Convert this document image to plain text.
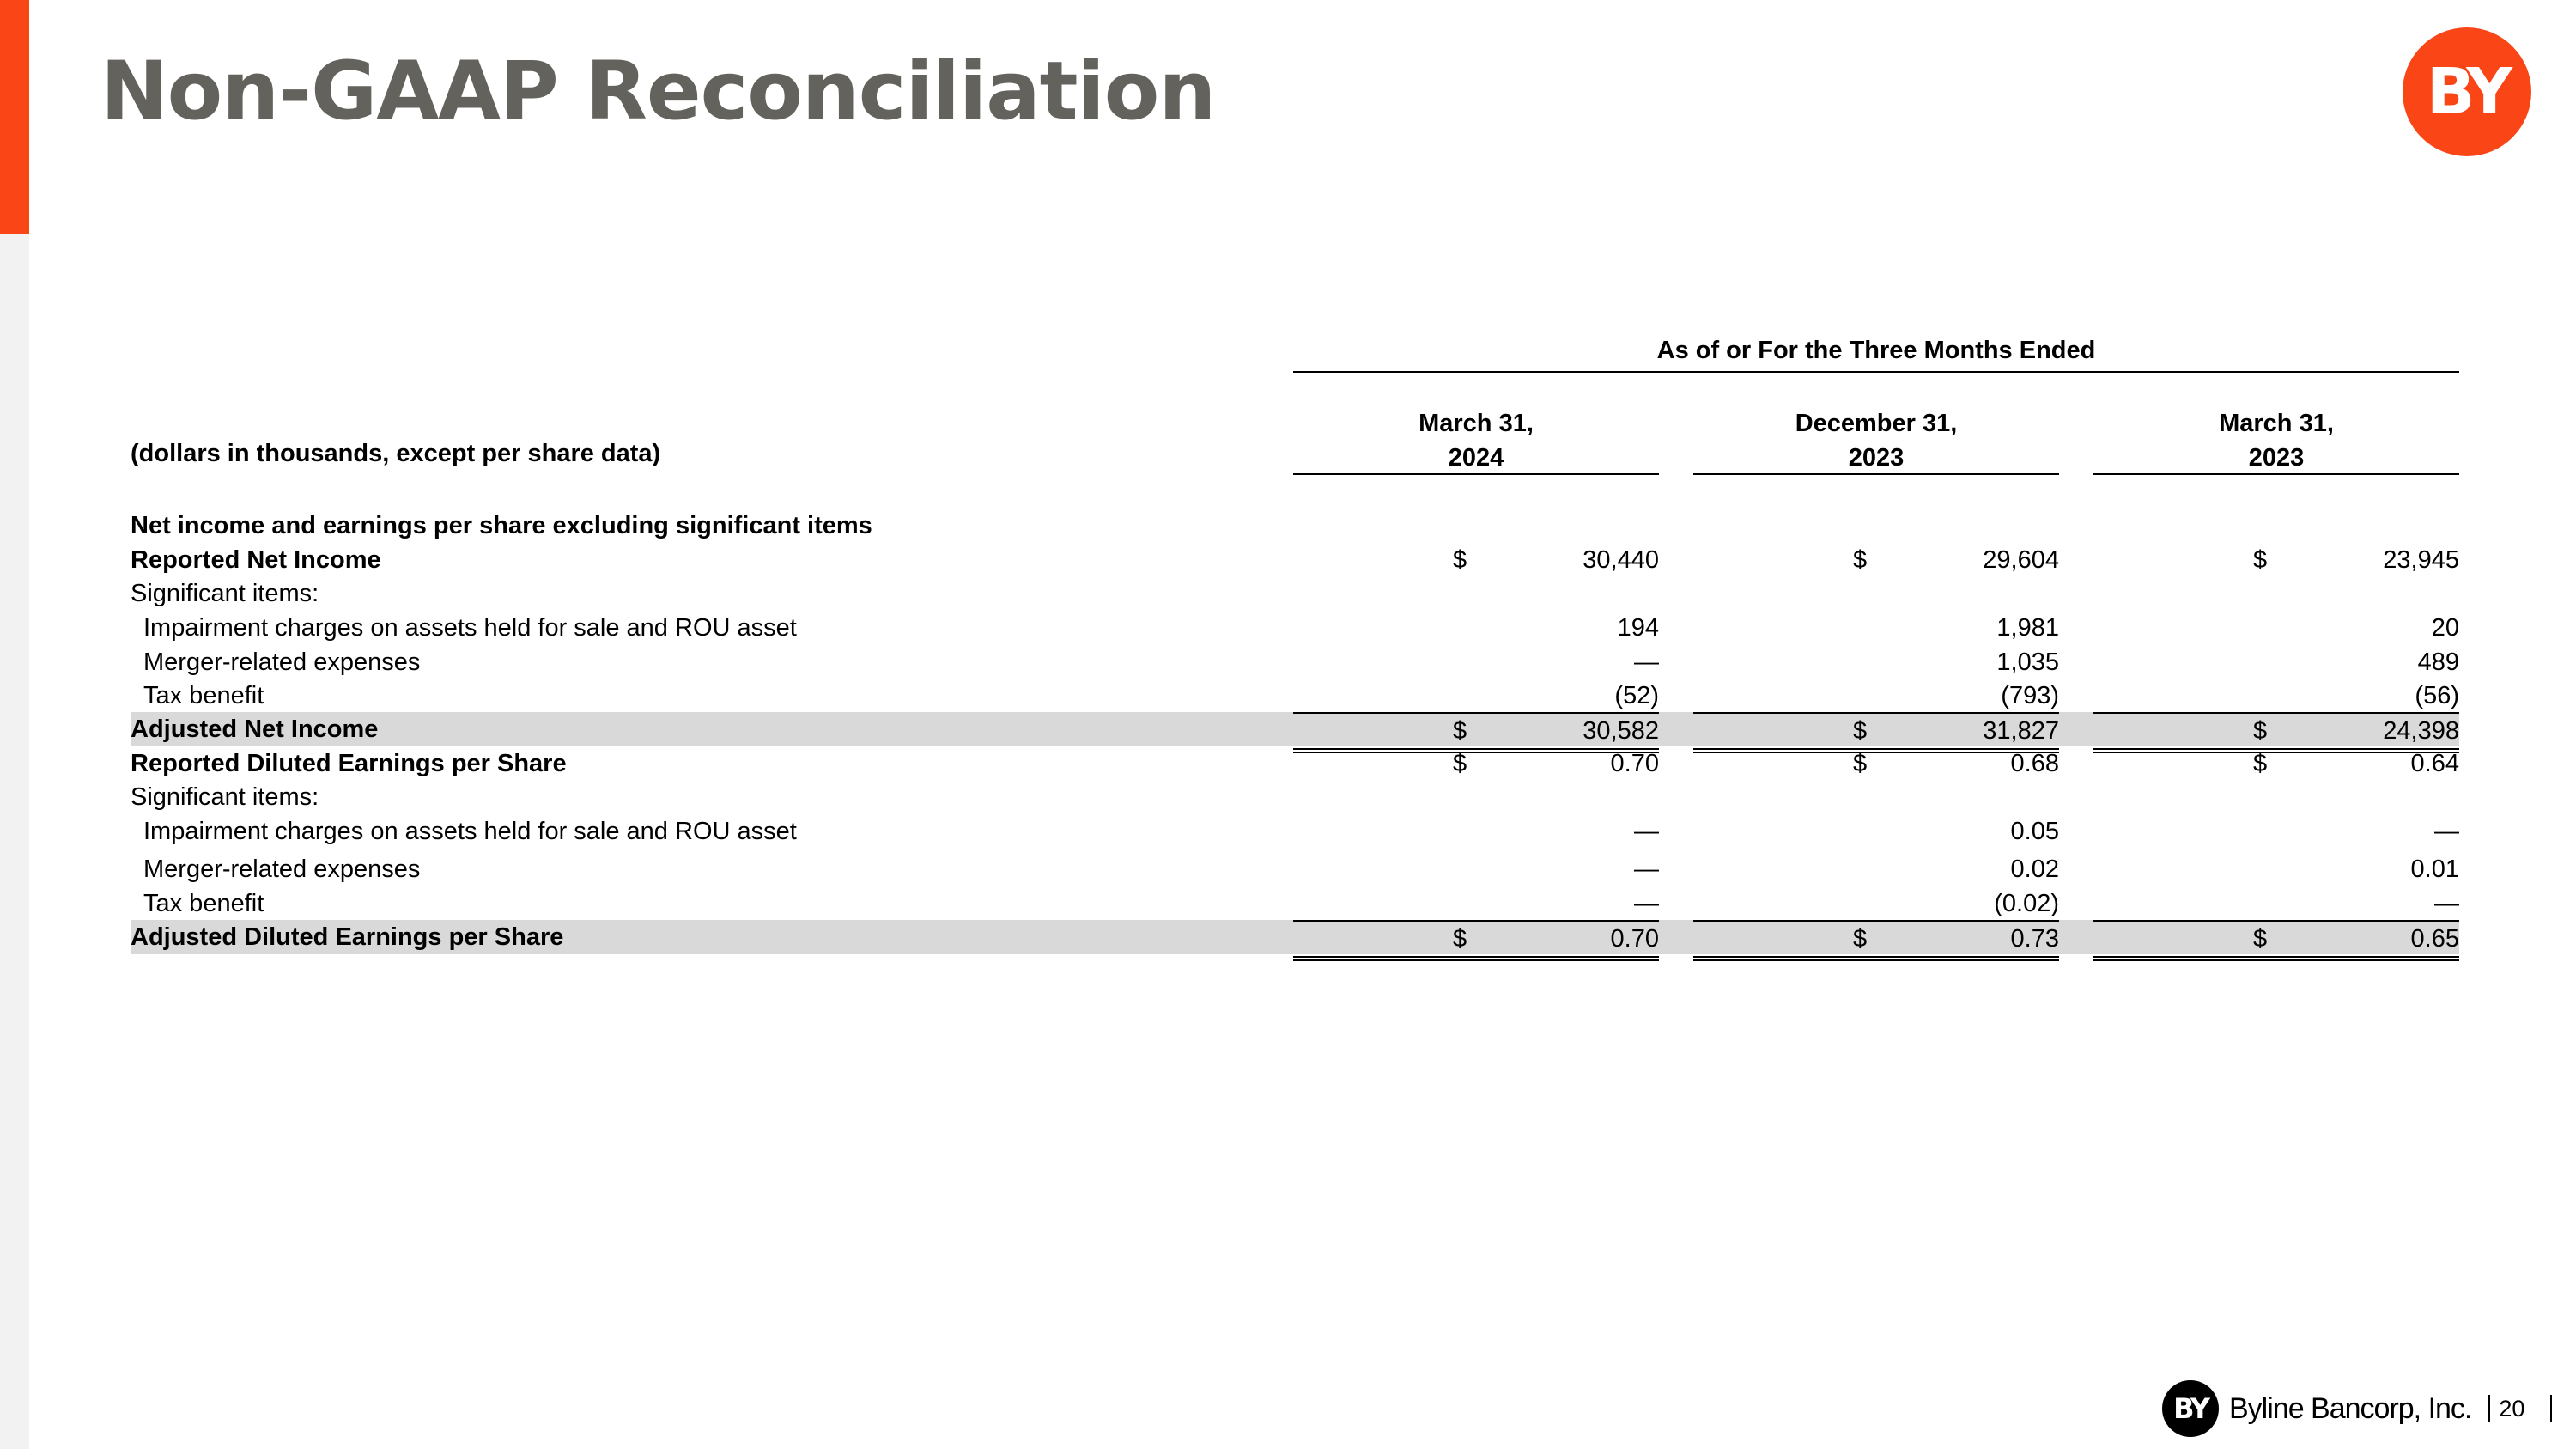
Non-GAAP Reconciliation	BY
As of or For the Three Months Ended
(dollars in thousands, except per share data)
March 31,
2024
December 31,
2023
March 31,
2023
Net income and earnings per share excluding significant items
Reported Net Income	$	30,440	$	29,604	$	23,945
Significant items:
Impairment charges on assets held for sale and ROU asset	194	1,981	20
Merger-related expenses	—	1,035	489
Tax benefit	(52)	(793)	(56)
Adjusted Net Income	$	30,582	$	31,827	$	24,398
Reported Diluted Earnings per Share	$	0.70	$	0.68	$	0.64
Significant items:
Impairment charges on assets held for sale and ROU asset	—	0.05	—
Merger-related expenses	—	0.02	0.01
Tax benefit	—	(0.02)	—
Adjusted Diluted Earnings per Share	$	0.70	$	0.73	$	0.65
BY Byline Bancorp, Inc. 20
